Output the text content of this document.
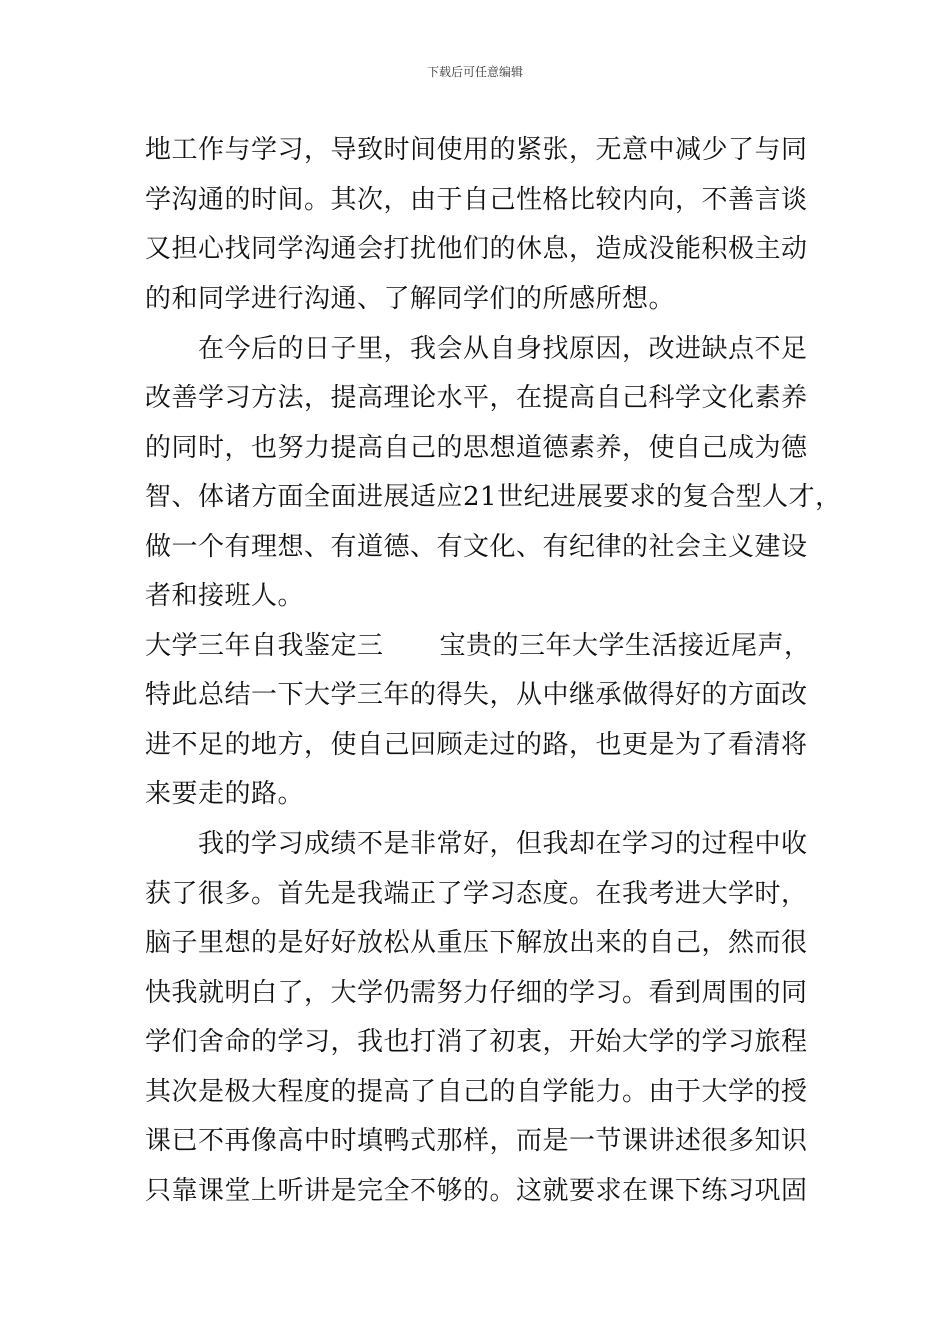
下载后可任意编辑
地工作与学习，导致时间使用的紧张，无意中减少了与同
学沟通的时间。其次，由于自己性格比较内向，不善言谈
又担心找同学沟通会打扰他们的休息，造成没能积极主动
的和同学进行沟通、了解同学们的所感所想。
　　在今后的日子里，我会从自身找原因，改进缺点不足
改善学习方法，提高理论水平，在提高自己科学文化素养
的同时，也努力提高自己的思想道德素养，使自己成为德
智、体诸方面全面进展适应21世纪进展要求的复合型人才，
做一个有理想、有道德、有文化、有纪律的社会主义建设
者和接班人。
大学三年自我鉴定三 宝贵的三年大学生活接近尾声，
特此总结一下大学三年的得失，从中继承做得好的方面改
进不足的地方，使自己回顾走过的路，也更是为了看清将
来要走的路。
　　我的学习成绩不是非常好，但我却在学习的过程中收
获了很多。首先是我端正了学习态度。在我考进大学时，
脑子里想的是好好放松从重压下解放出来的自己，然而很
快我就明白了，大学仍需努力仔细的学习。看到周围的同
学们舍命的学习，我也打消了初衷，开始大学的学习旅程
其次是极大程度的提高了自己的自学能力。由于大学的授
课已不再像高中时填鸭式那样，而是一节课讲述很多知识
只靠课堂上听讲是完全不够的。这就要求在课下练习巩固
